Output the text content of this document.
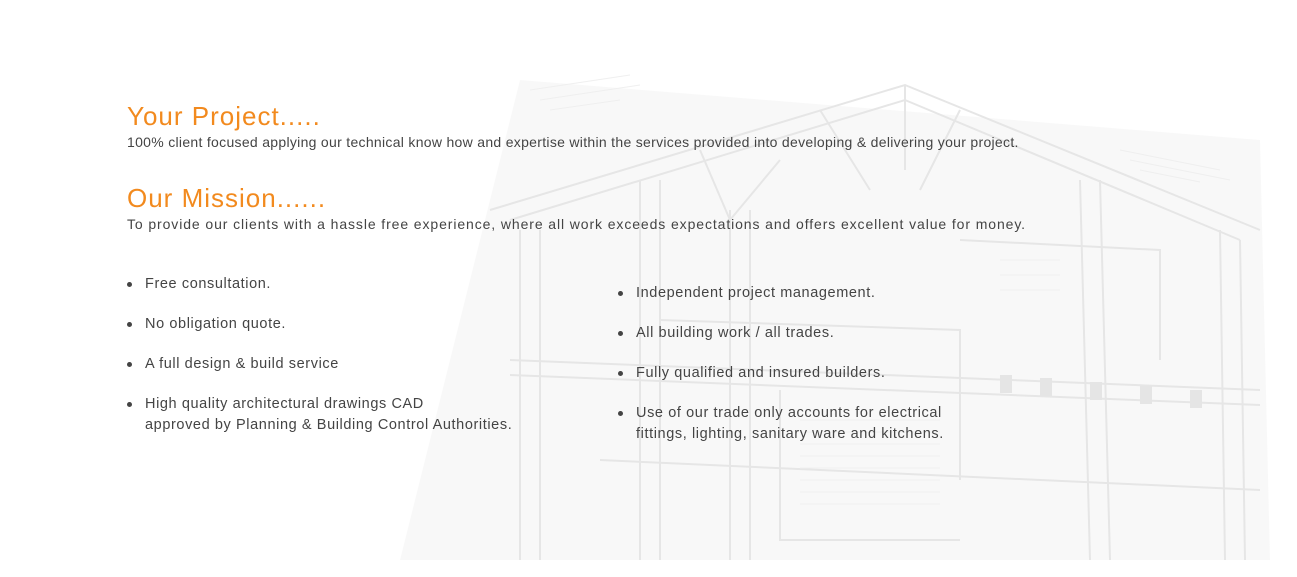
Your Project.....

100% client focused applying our technical know how and expertise within the services provided into developing & delivering your project.

Our Mission......

To provide our clients with a hassle free experience, where all work exceeds expectations and offers excellent value for money.

Free consultation.
No obligation quote.
A full design & build service
High quality architectural drawings CAD
approved by Planning & Building Control Authorities.
Independent project management.
All building work / all trades.
Fully qualified and insured builders.
Use of our trade only accounts for electrical
fittings, lighting, sanitary ware and kitchens.
